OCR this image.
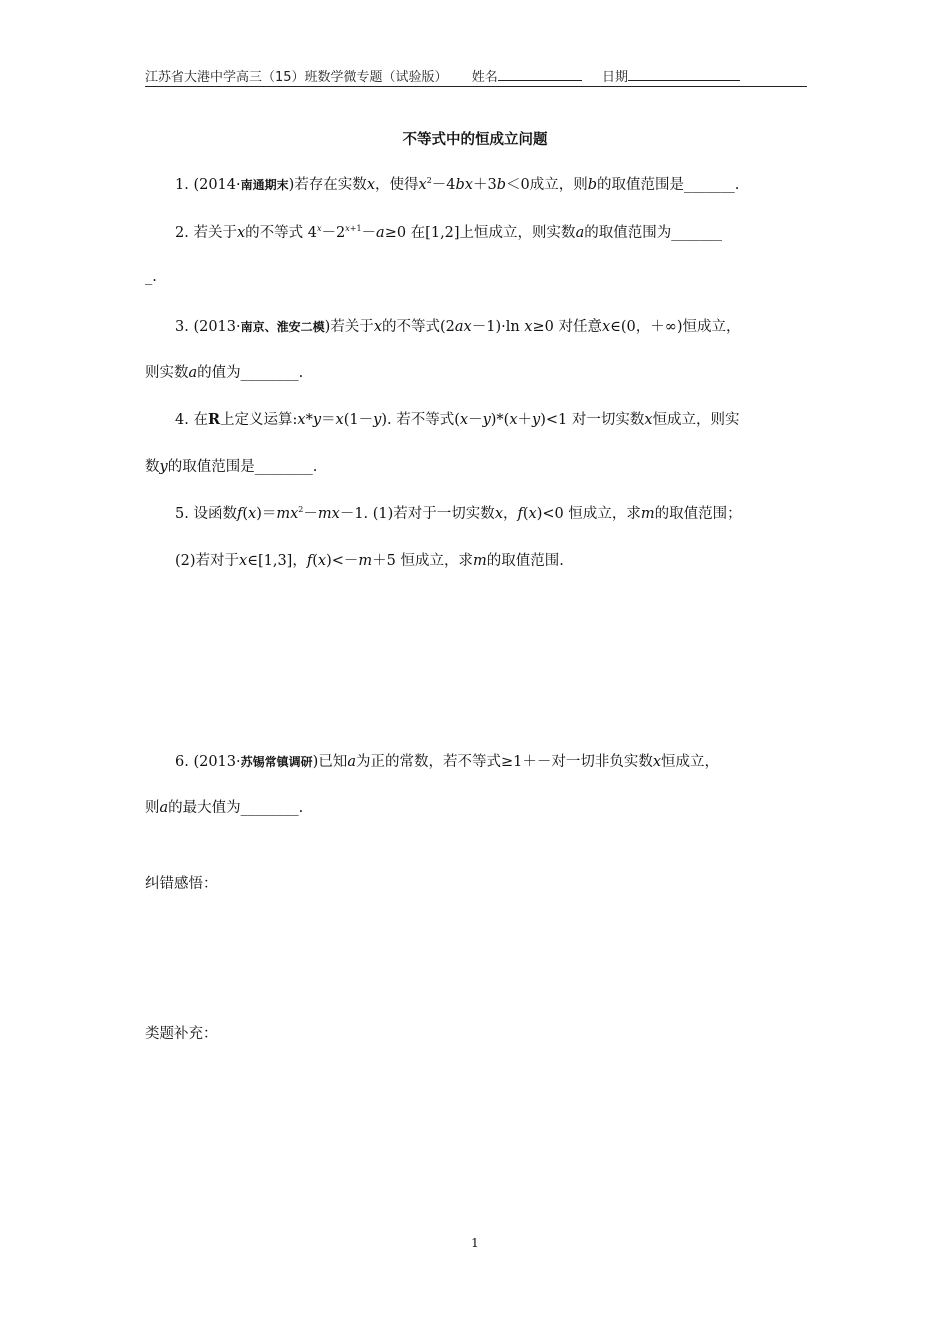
江苏省大港中学高三（15）班数学微专题（试验版） 姓名	日期
不等式中的恒成立问题
1. (2014·南通期末)若存在实数x，使得$x^2-4bx+3b<0$成立，则b的取值范围是_______.
2. 若关于x的不等式 $4^x-2^{x+1}-a\ge 0$ 在[1,2]上恒成立，则实数a的取值范围为_______
_.
3. (2013·南京、淮安二模)若关于x的不等式(2ax－1)·ln x≥0 对任意x∈(0，＋∞)恒成立，
则实数a的值为________.
4. 在R上定义运算:x*y＝x(1－y). 若不等式(x－y)*(x＋y)<1 对一切实数x恒成立，则实
数y的取值范围是________.
5. 设函数$f(x)=mx^2-mx-1$. (1)若对于一切实数x，f(x)<0 恒成立，求m的取值范围；
(2)若对于x∈[1,3]，f(x)<－m＋5 恒成立，求m的取值范围.
6. (2013·苏锡常镇调研)已知a为正的常数，若不等式≥1＋－对一切非负实数x恒成立，
则a的最大值为________.
纠错感悟：
类题补充：
1
